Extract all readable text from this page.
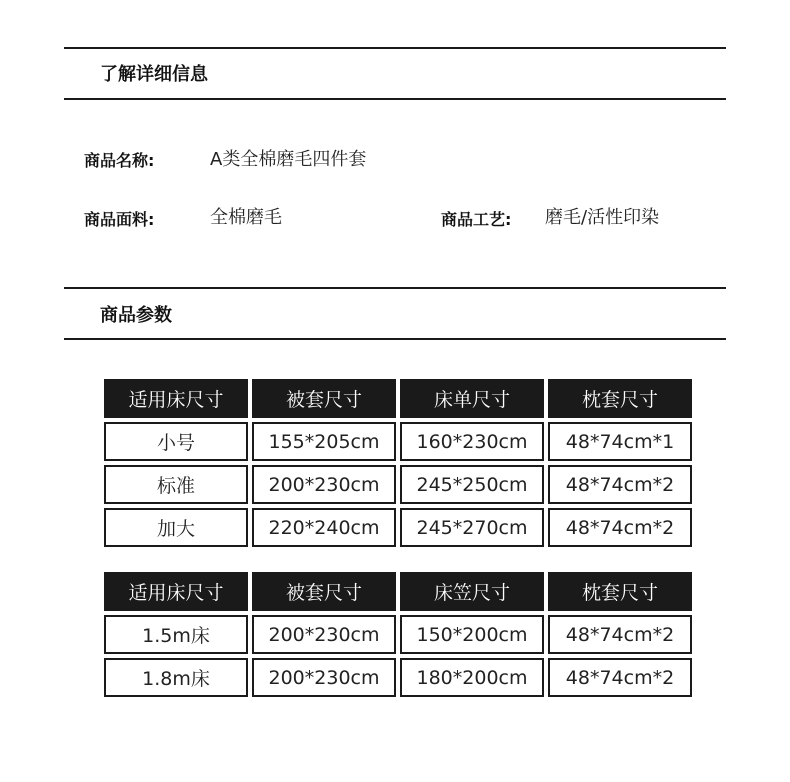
了解详细信息
商品名称:	A类全棉磨毛四件套
商品面料:	全棉磨毛	商品工艺: 磨毛/活性印染
商品参数
适用床尺寸	被套尺寸	床单尺寸	枕套尺寸
小号	155*205cm	160*230cm	48*74cm*1
标准	200*230cm	245*250cm	48*74cm*2
加大	220*240cm	245*270cm	48*74cm*2
适用床尺寸	被套尺寸	床笠尺寸	枕套尺寸
1.5m床	200*230cm	150*200cm	48*74cm*2
1.8m床	200*230cm	180*200cm	48*74cm*2
